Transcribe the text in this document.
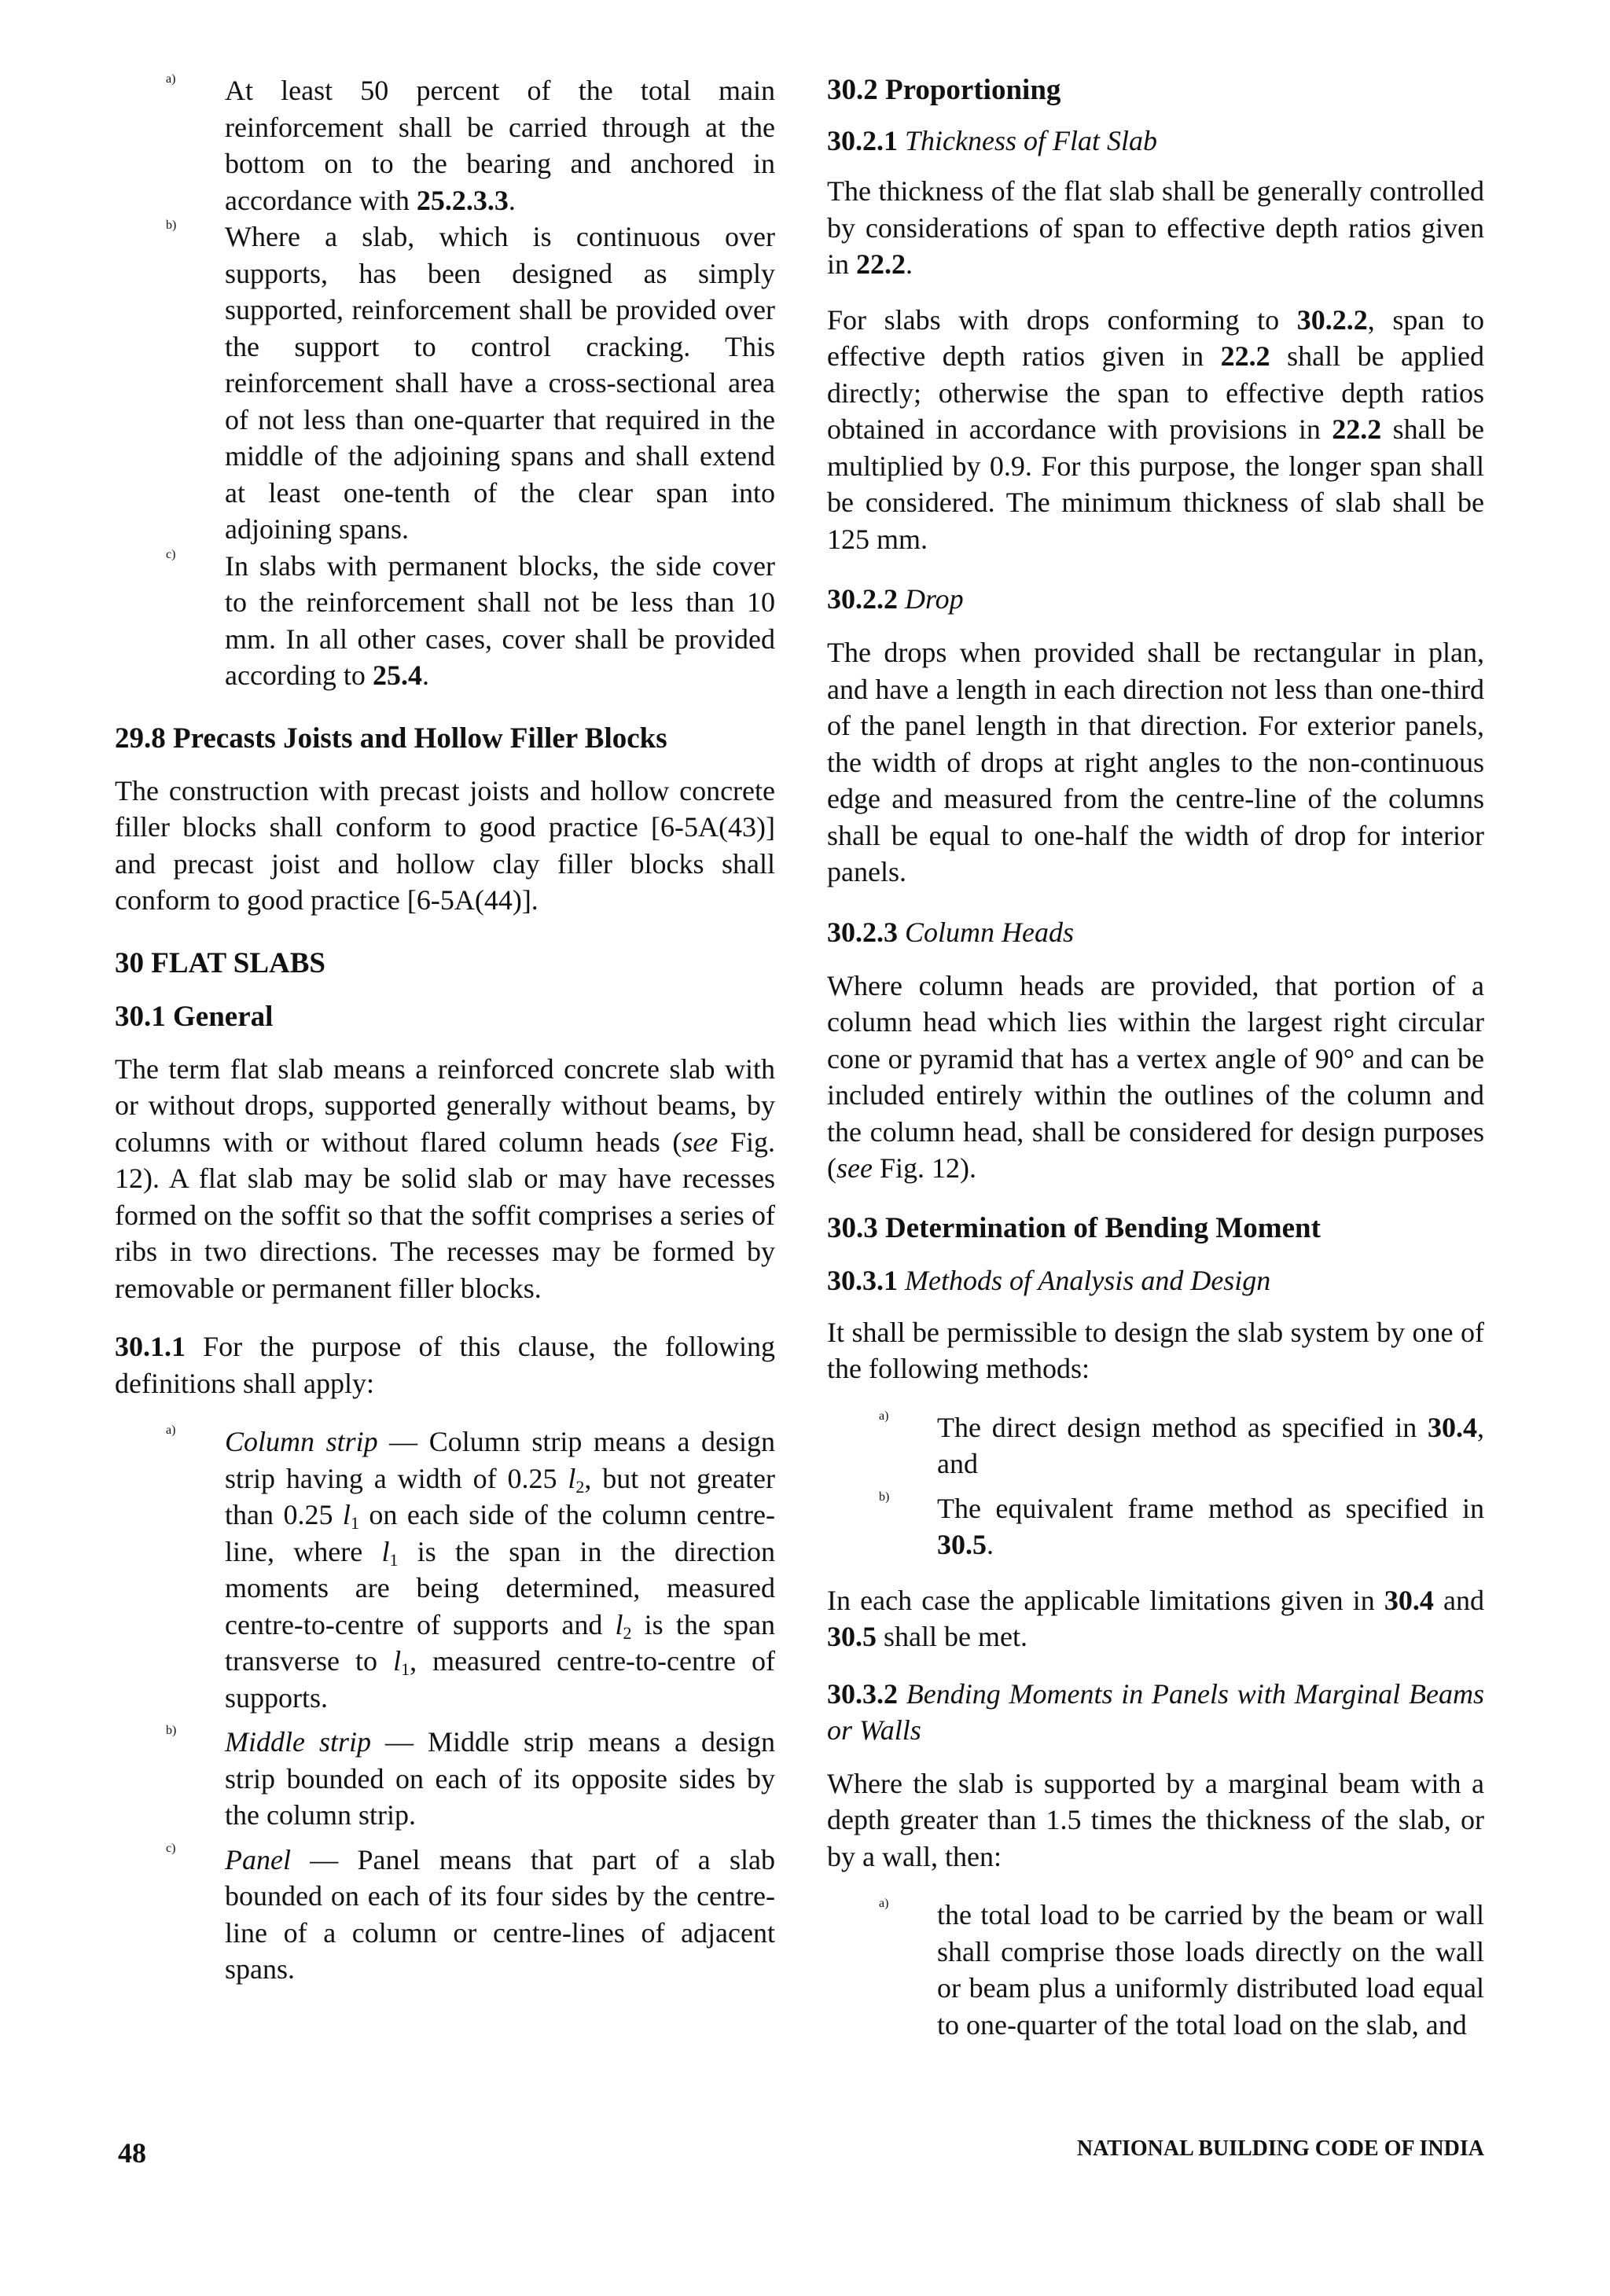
a) At least 50 percent of the total main reinforcement shall be carried through at the bottom on to the bearing and anchored in accordance with 25.2.3.3.

b) Where a slab, which is continuous over supports, has been designed as simply supported, reinforcement shall be provided over the support to control cracking. This reinforcement shall have a cross-sectional area of not less than one-quarter that required in the middle of the adjoining spans and shall extend at least one-tenth of the clear span into adjoining spans.

c) In slabs with permanent blocks, the side cover to the reinforcement shall not be less than 10 mm. In all other cases, cover shall be provided according to 25.4.

29.8 Precasts Joists and Hollow Filler Blocks

The construction with precast joists and hollow concrete filler blocks shall conform to good practice [6-5A(43)] and precast joist and hollow clay filler blocks shall conform to good practice [6-5A(44)].

30 FLAT SLABS

30.1 General

The term flat slab means a reinforced concrete slab with or without drops, supported generally without beams, by columns with or without flared column heads (see Fig. 12). A flat slab may be solid slab or may have recesses formed on the soffit so that the soffit comprises a series of ribs in two directions. The recesses may be formed by removable or permanent filler blocks.

30.1.1 For the purpose of this clause, the following definitions shall apply:

a) Column strip — Column strip means a design strip having a width of 0.25 $l_2$, but not greater than 0.25 $l_1$ on each side of the column centre-line, where $l_1$ is the span in the direction moments are being determined, measured centre-to-centre of supports and $l_2$ is the span transverse to $l_1$, measured centre-to-centre of supports.

b) Middle strip — Middle strip means a design strip bounded on each of its opposite sides by the column strip.

c) Panel — Panel means that part of a slab bounded on each of its four sides by the centre-line of a column or centre-lines of adjacent spans.

30.2 Proportioning

30.2.1 Thickness of Flat Slab

The thickness of the flat slab shall be generally controlled by considerations of span to effective depth ratios given in 22.2.

For slabs with drops conforming to 30.2.2, span to effective depth ratios given in 22.2 shall be applied directly; otherwise the span to effective depth ratios obtained in accordance with provisions in 22.2 shall be multiplied by 0.9. For this purpose, the longer span shall be considered. The minimum thickness of slab shall be 125 mm.

30.2.2 Drop

The drops when provided shall be rectangular in plan, and have a length in each direction not less than one-third of the panel length in that direction. For exterior panels, the width of drops at right angles to the non-continuous edge and measured from the centre-line of the columns shall be equal to one-half the width of drop for interior panels.

30.2.3 Column Heads

Where column heads are provided, that portion of a column head which lies within the largest right circular cone or pyramid that has a vertex angle of 90° and can be included entirely within the outlines of the column and the column head, shall be considered for design purposes (see Fig. 12).

30.3 Determination of Bending Moment

30.3.1 Methods of Analysis and Design

It shall be permissible to design the slab system by one of the following methods:

a) The direct design method as specified in 30.4, and

b) The equivalent frame method as specified in 30.5.

In each case the applicable limitations given in 30.4 and 30.5 shall be met.

30.3.2 Bending Moments in Panels with Marginal Beams or Walls

Where the slab is supported by a marginal beam with a depth greater than 1.5 times the thickness of the slab, or by a wall, then:

a) the total load to be carried by the beam or wall shall comprise those loads directly on the wall or beam plus a uniformly distributed load equal to one-quarter of the total load on the slab, and

48	NATIONAL BUILDING CODE OF INDIA
